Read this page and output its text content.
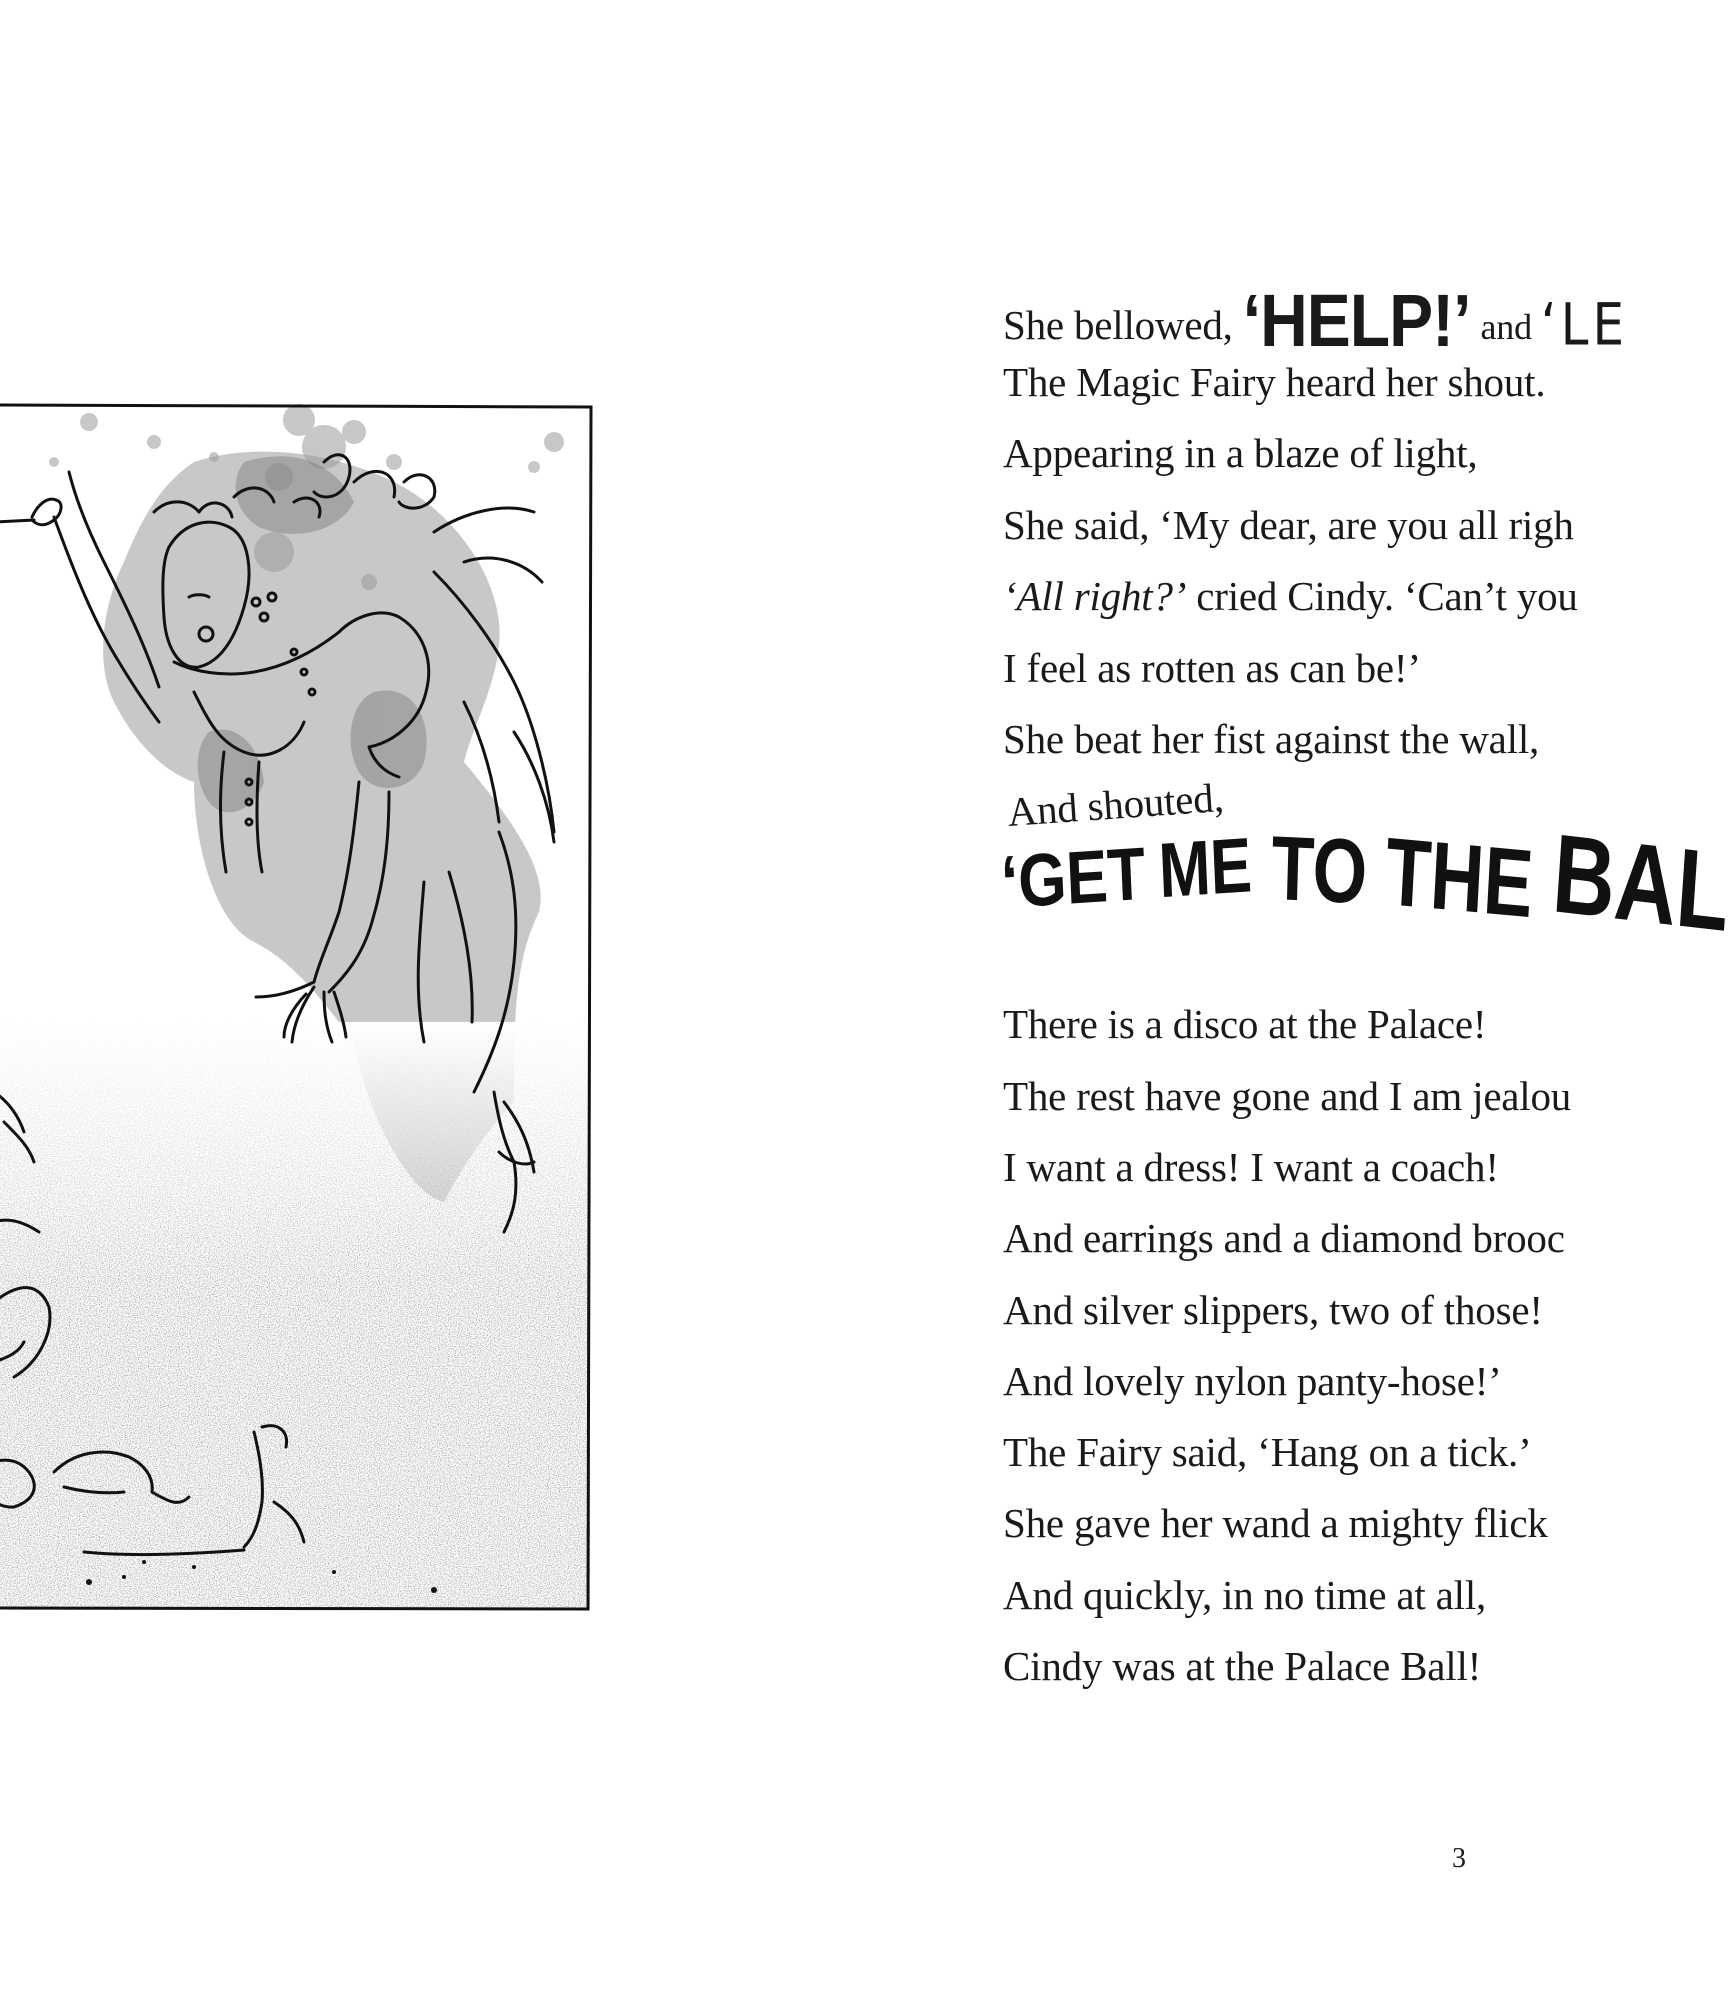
She bellowed, ‘HELP!’ and ‘LE
The Magic Fairy heard her shout.
Appearing in a blaze of light,
She said, ‘My dear, are you all righ
‘All right?’ cried Cindy. ‘Can’t you
I feel as rotten as can be!’
She beat her fist against the wall,
And shouted,
‘GET ME TO THE BAL
There is a disco at the Palace!
The rest have gone and I am jealou
I want a dress! I want a coach!
And earrings and a diamond brooc
And silver slippers, two of those!
And lovely nylon panty-hose!’
The Fairy said, ‘Hang on a tick.’
She gave her wand a mighty flick
And quickly, in no time at all,
Cindy was at the Palace Ball!
3
